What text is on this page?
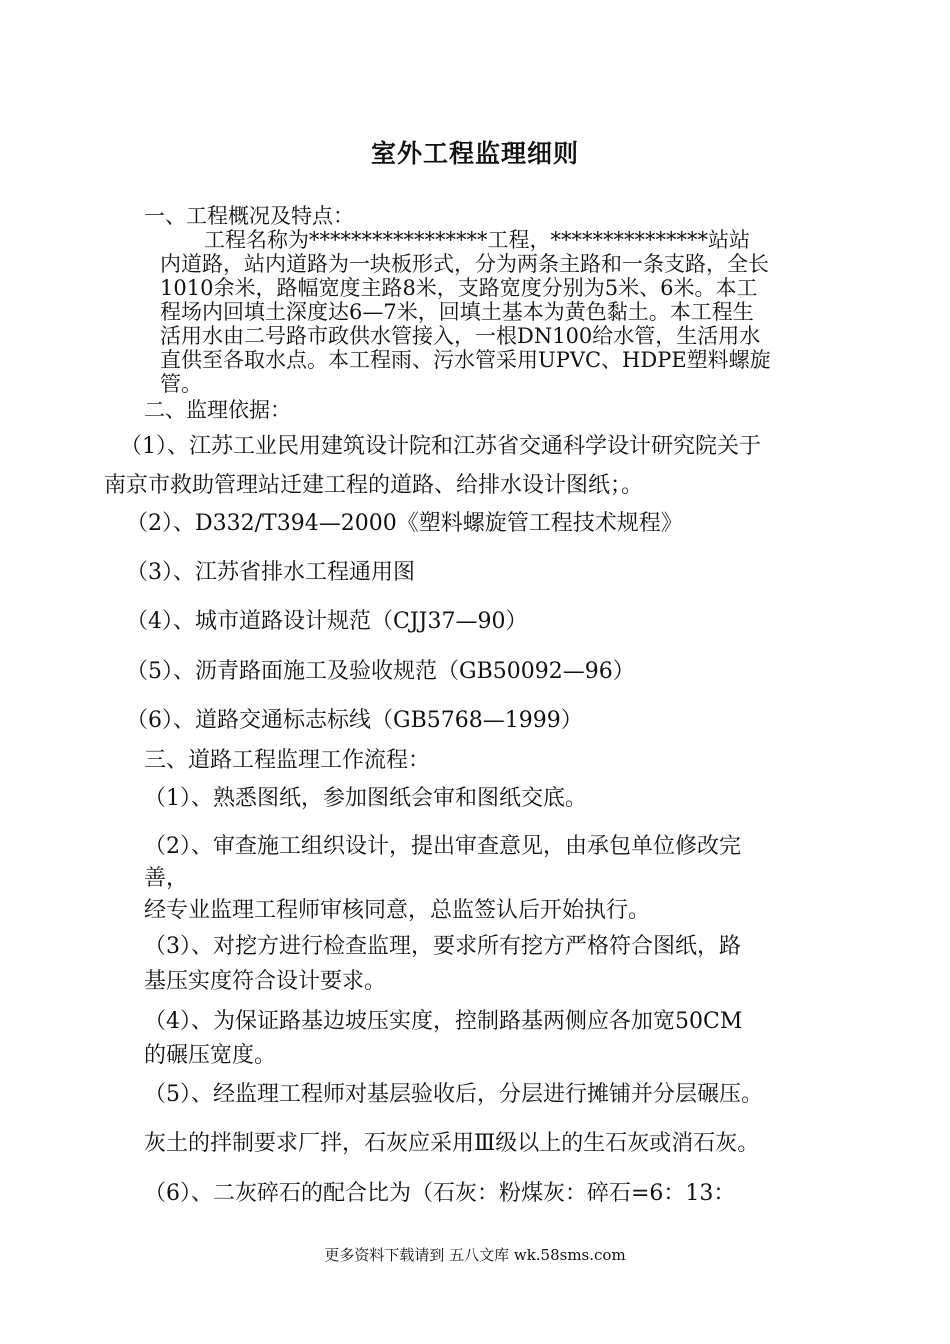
室外工程监理细则
一、工程概况及特点：
工程名称为*****************工程，***************站站
内道路，站内道路为一块板形式，分为两条主路和一条支路，全长
1010余米，路幅宽度主路8米，支路宽度分别为5米、6米。本工
程场内回填土深度达6—7米，回填土基本为黄色黏土。本工程生
活用水由二号路市政供水管接入，一根DN100给水管，生活用水
直供至各取水点。本工程雨、污水管采用UPVC、HDPE塑料螺旋
管。
二、监理依据：
（1）、江苏工业民用建筑设计院和江苏省交通科学设计研究院关于
南京市救助管理站迁建工程的道路、给排水设计图纸；。
（2）、D332/T394—2000《塑料螺旋管工程技术规程》
（3）、江苏省排水工程通用图
（4）、城市道路设计规范（CJJ37—90）
（5）、沥青路面施工及验收规范（GB50092—96）
（6）、道路交通标志标线（GB5768—1999）
三、道路工程监理工作流程：
（1）、熟悉图纸，参加图纸会审和图纸交底。
（2）、审查施工组织设计，提出审查意见，由承包单位修改完
善，
经专业监理工程师审核同意，总监签认后开始执行。
（3）、对挖方进行检查监理，要求所有挖方严格符合图纸，路
基压实度符合设计要求。
（4）、为保证路基边坡压实度，控制路基两侧应各加宽50CM
的碾压宽度。
（5）、经监理工程师对基层验收后，分层进行摊铺并分层碾压。
灰土的拌制要求厂拌，石灰应采用Ⅲ级以上的生石灰或消石灰。
（6）、二灰碎石的配合比为（石灰：粉煤灰：碎石=6：13：
更多资料下载请到 五八文库 wk.58sms.com
